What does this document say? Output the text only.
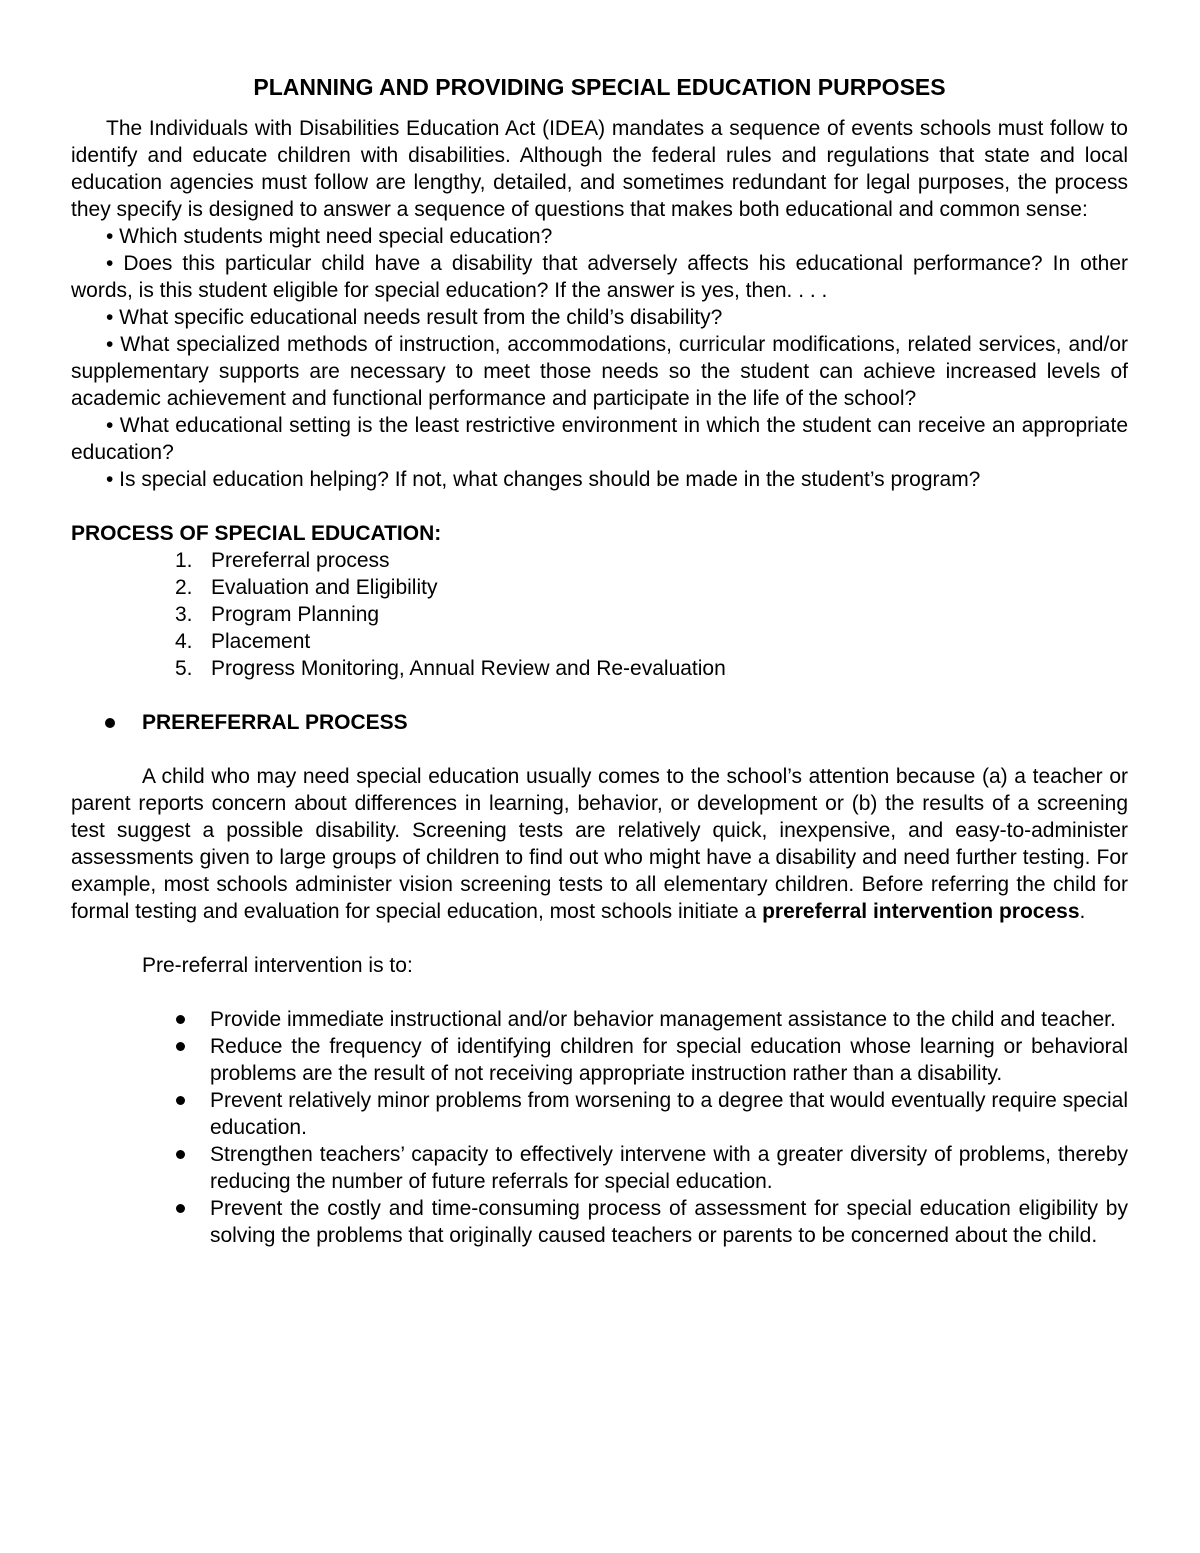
PLANNING AND PROVIDING SPECIAL EDUCATION PURPOSES

The Individuals with Disabilities Education Act (IDEA) mandates a sequence of events schools must follow to identify and educate children with disabilities. Although the federal rules and regulations that state and local education agencies must follow are lengthy, detailed, and sometimes redundant for legal purposes, the process they specify is designed to answer a sequence of questions that makes both educational and common sense:

• Which students might need special education?

• Does this particular child have a disability that adversely affects his educational performance? In other words, is this student eligible for special education? If the answer is yes, then. . . .

• What specific educational needs result from the child’s disability?

• What specialized methods of instruction, accommodations, curricular modifications, related services, and/or supplementary supports are necessary to meet those needs so the student can achieve increased levels of academic achievement and functional performance and participate in the life of the school?

• What educational setting is the least restrictive environment in which the student can receive an appropriate education?

• Is special education helping? If not, what changes should be made in the student’s program?

PROCESS OF SPECIAL EDUCATION:

1. Prereferral process
2. Evaluation and Eligibility
3. Program Planning
4. Placement
5. Progress Monitoring, Annual Review and Re-evaluation

PREREFERRAL PROCESS

A child who may need special education usually comes to the school’s attention because (a) a teacher or parent reports concern about differences in learning, behavior, or development or (b) the results of a screening test suggest a possible disability. Screening tests are relatively quick, inexpensive, and easy-to-administer assessments given to large groups of children to find out who might have a disability and need further testing. For example, most schools administer vision screening tests to all elementary children. Before referring the child for formal testing and evaluation for special education, most schools initiate a prereferral intervention process.

Pre-referral intervention is to:

Provide immediate instructional and/or behavior management assistance to the child and teacher.
Reduce the frequency of identifying children for special education whose learning or behavioral problems are the result of not receiving appropriate instruction rather than a disability.
Prevent relatively minor problems from worsening to a degree that would eventually require special education.
Strengthen teachers’ capacity to effectively intervene with a greater diversity of problems, thereby reducing the number of future referrals for special education.
Prevent the costly and time-consuming process of assessment for special education eligibility by solving the problems that originally caused teachers or parents to be concerned about the child.
